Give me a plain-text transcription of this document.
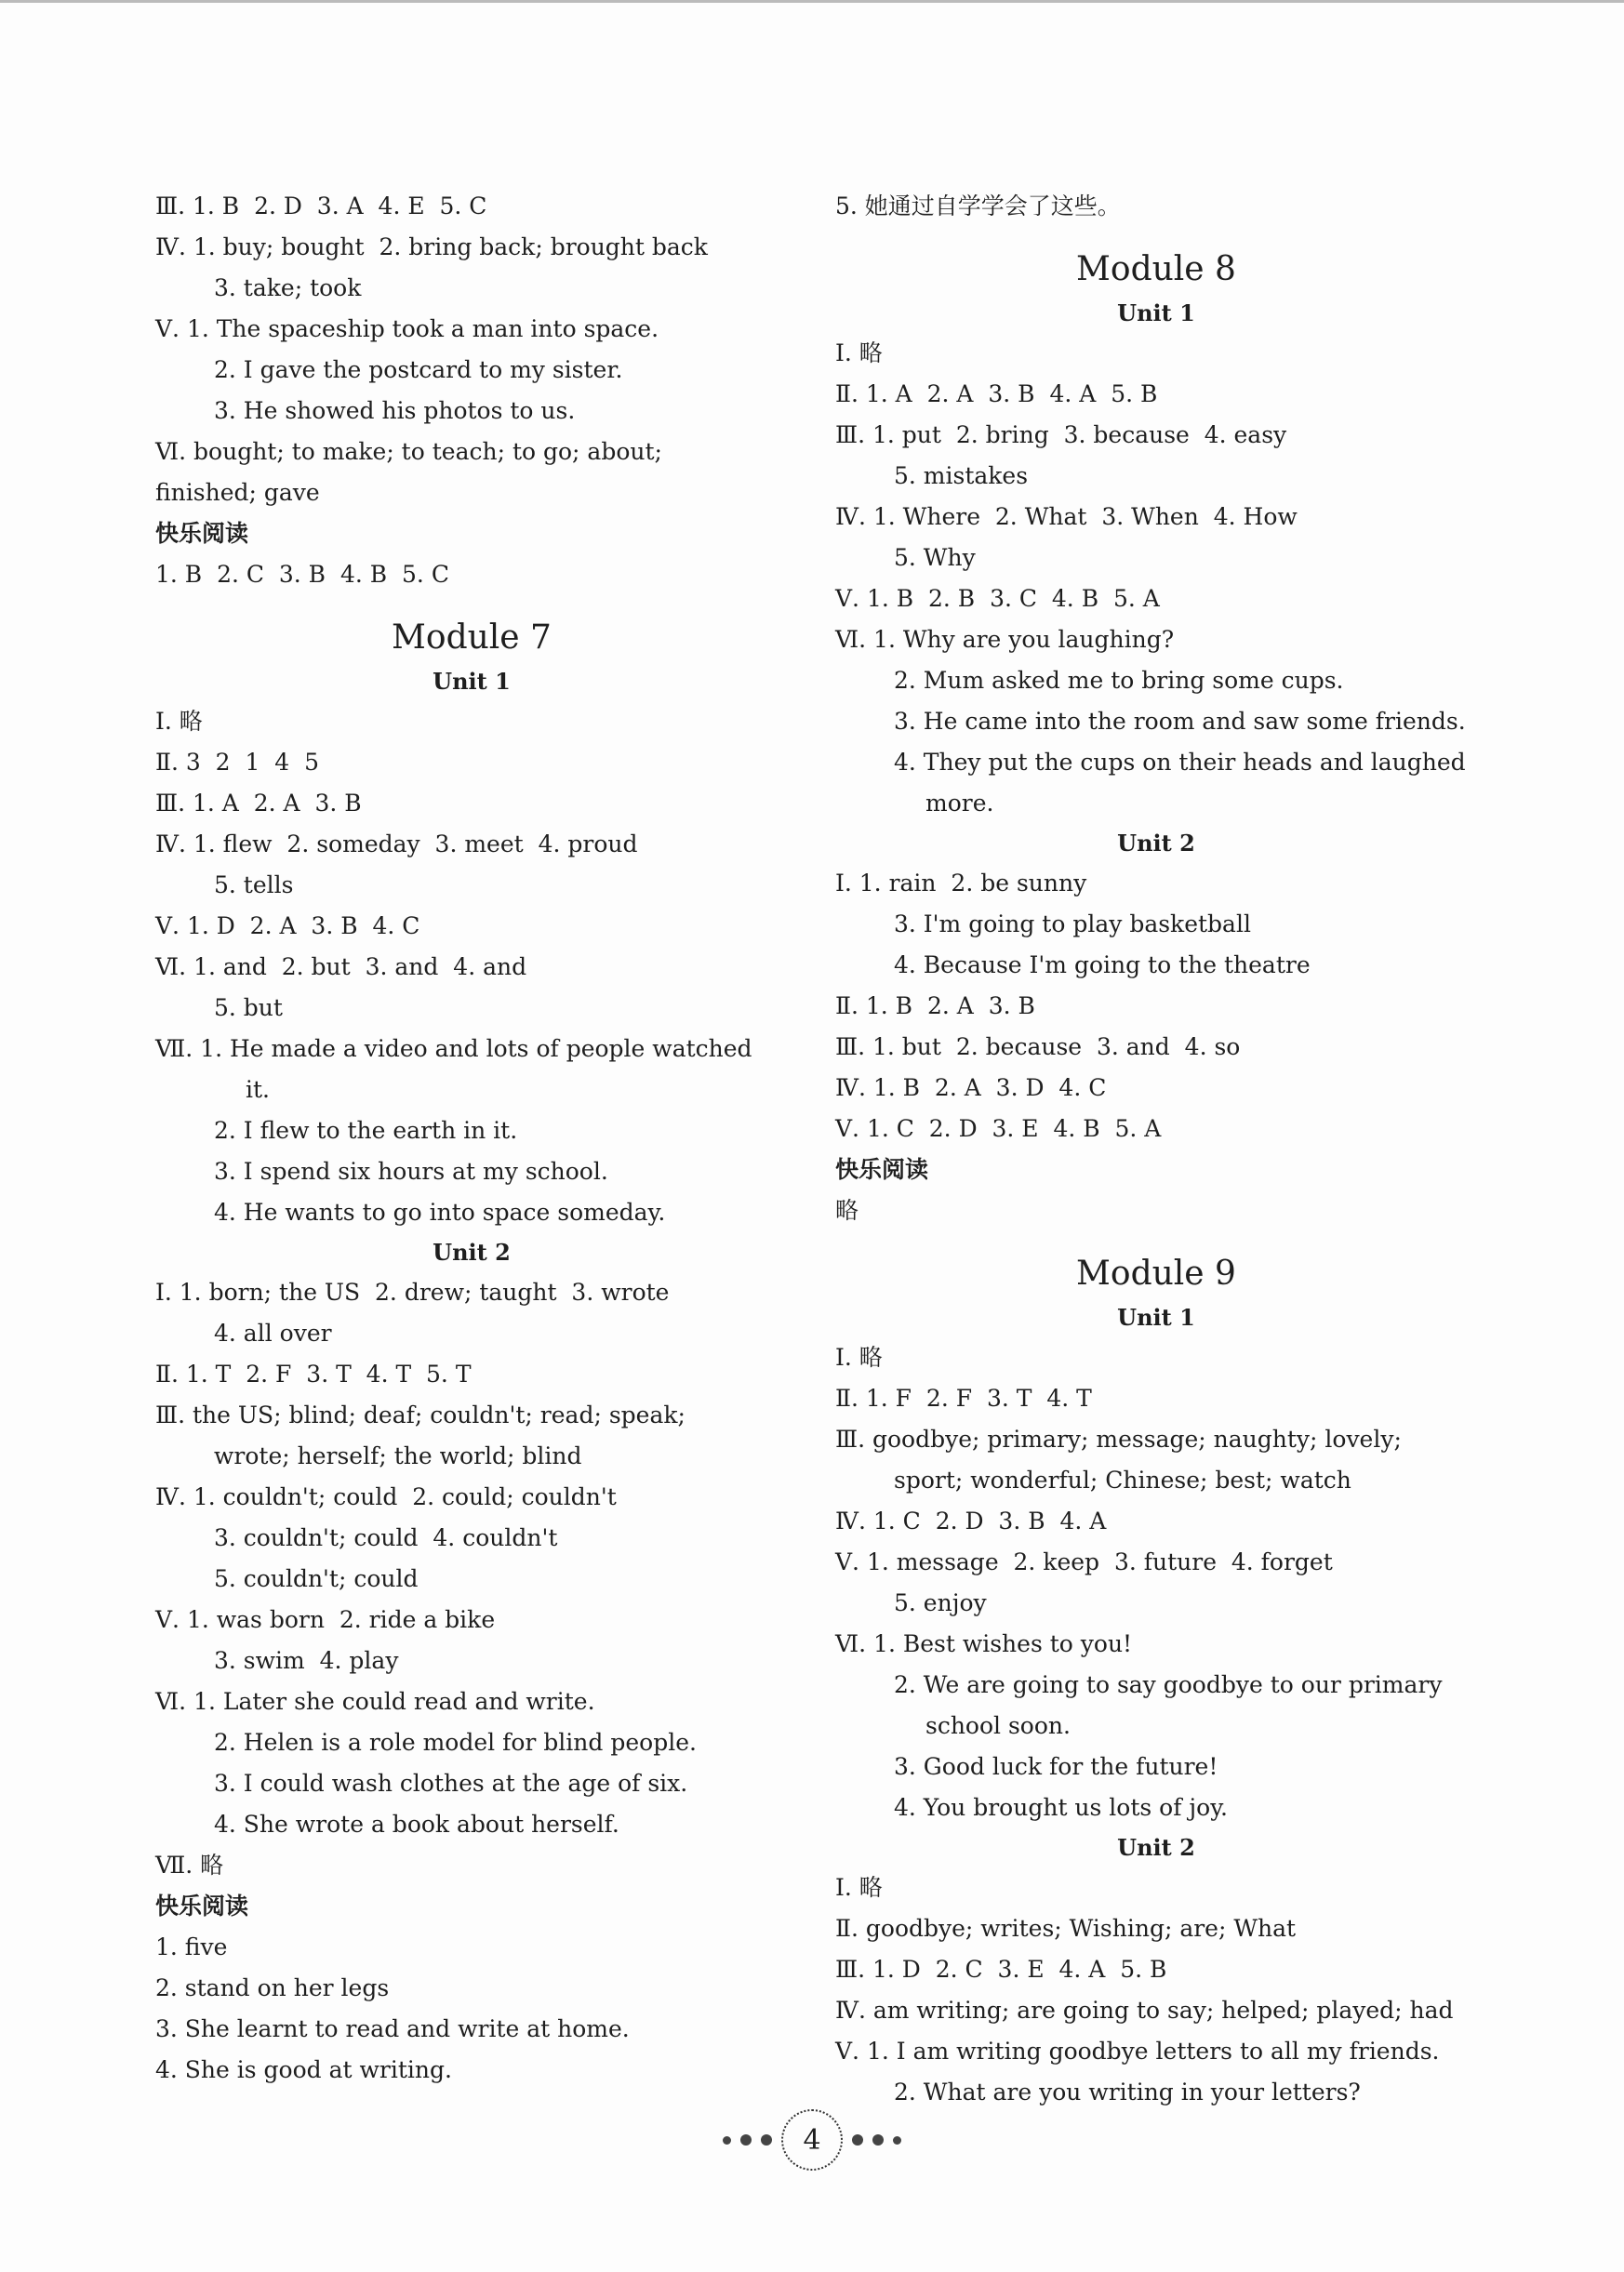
Ⅲ. 1. B  2. D  3. A  4. E  5. C
Ⅳ. 1. buy; bought  2. bring back; brought back
3. take; took
Ⅴ. 1. The spaceship took a man into space.
2. I gave the postcard to my sister.
3. He showed his photos to us.
Ⅵ. bought; to make; to teach; to go; about;
finished; gave
快乐阅读
1. B  2. C  3. B  4. B  5. C
Module 7
Unit 1
Ⅰ. 略
Ⅱ. 3  2  1  4  5
Ⅲ. 1. A  2. A  3. B
Ⅳ. 1. flew  2. someday  3. meet  4. proud
5. tells
Ⅴ. 1. D  2. A  3. B  4. C
Ⅵ. 1. and  2. but  3. and  4. and
5. but
Ⅶ. 1. He made a video and lots of people watched
it.
2. I flew to the earth in it.
3. I spend six hours at my school.
4. He wants to go into space someday.
Unit 2
Ⅰ. 1. born; the US  2. drew; taught  3. wrote
4. all over
Ⅱ. 1. T  2. F  3. T  4. T  5. T
Ⅲ. the US; blind; deaf; couldn't; read; speak;
wrote; herself; the world; blind
Ⅳ. 1. couldn't; could  2. could; couldn't
3. couldn't; could  4. couldn't
5. couldn't; could
Ⅴ. 1. was born  2. ride a bike
3. swim  4. play
Ⅵ. 1. Later she could read and write.
2. Helen is a role model for blind people.
3. I could wash clothes at the age of six.
4. She wrote a book about herself.
Ⅶ. 略
快乐阅读
1. five
2. stand on her legs
3. She learnt to read and write at home.
4. She is good at writing.
5. 她通过自学学会了这些。
Module 8
Unit 1
Ⅰ. 略
Ⅱ. 1. A  2. A  3. B  4. A  5. B
Ⅲ. 1. put  2. bring  3. because  4. easy
5. mistakes
Ⅳ. 1. Where  2. What  3. When  4. How
5. Why
Ⅴ. 1. B  2. B  3. C  4. B  5. A
Ⅵ. 1. Why are you laughing?
2. Mum asked me to bring some cups.
3. He came into the room and saw some friends.
4. They put the cups on their heads and laughed
more.
Unit 2
Ⅰ. 1. rain  2. be sunny
3. I'm going to play basketball
4. Because I'm going to the theatre
Ⅱ. 1. B  2. A  3. B
Ⅲ. 1. but  2. because  3. and  4. so
Ⅳ. 1. B  2. A  3. D  4. C
Ⅴ. 1. C  2. D  3. E  4. B  5. A
快乐阅读
略
Module 9
Unit 1
Ⅰ. 略
Ⅱ. 1. F  2. F  3. T  4. T
Ⅲ. goodbye; primary; message; naughty; lovely;
sport; wonderful; Chinese; best; watch
Ⅳ. 1. C  2. D  3. B  4. A
Ⅴ. 1. message  2. keep  3. future  4. forget
5. enjoy
Ⅵ. 1. Best wishes to you!
2. We are going to say goodbye to our primary
school soon.
3. Good luck for the future!
4. You brought us lots of joy.
Unit 2
Ⅰ. 略
Ⅱ. goodbye; writes; Wishing; are; What
Ⅲ. 1. D  2. C  3. E  4. A  5. B
Ⅳ. am writing; are going to say; helped; played; had
Ⅴ. 1. I am writing goodbye letters to all my friends.
2. What are you writing in your letters?
4
